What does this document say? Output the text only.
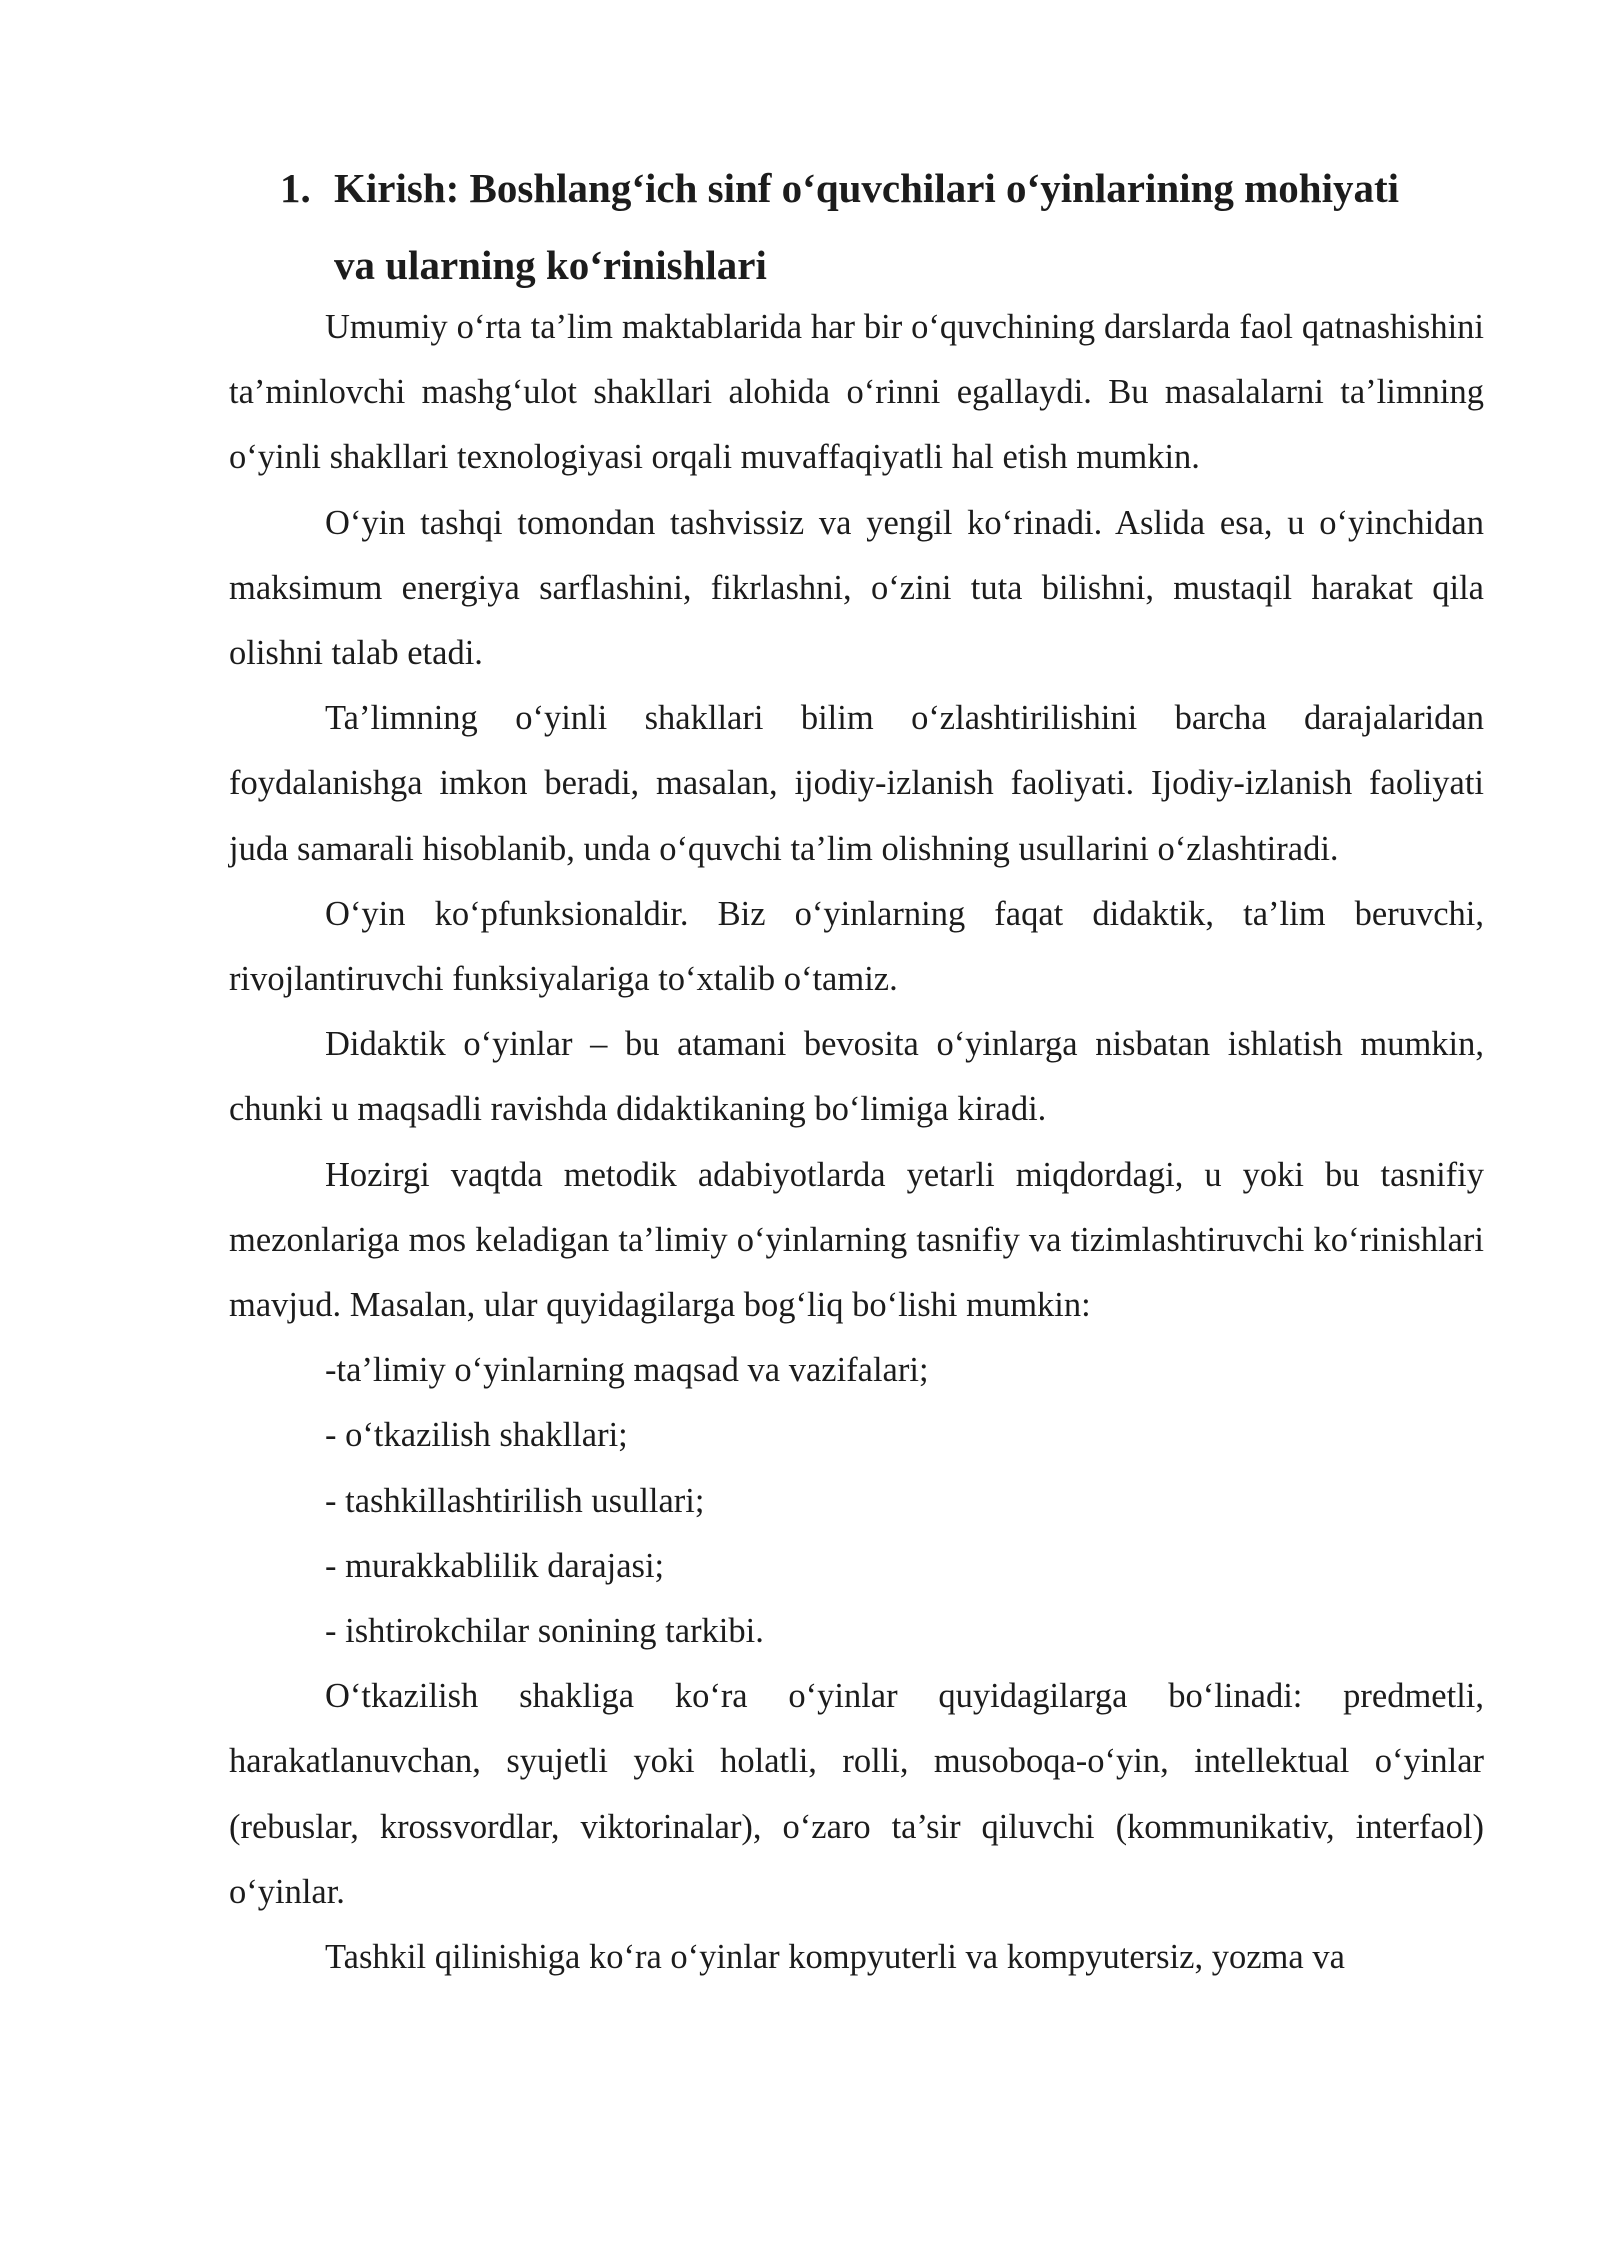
1. Kirish: Boshlang‘ich sinf o‘quvchilari o‘yinlarining mohiyati
va ularning ko‘rinishlari

Umumiy o‘rta ta’lim maktablarida har bir o‘quvchining darslarda faol qatnashishini ta’minlovchi mashg‘ulot shakllari alohida o‘rinni egallaydi. Bu masalalarni ta’limning o‘yinli shakllari texnologiyasi orqali muvaffaqiyatli hal etish mumkin.

O‘yin tashqi tomondan tashvissiz va yengil ko‘rinadi. Aslida esa, u o‘yinchidan maksimum energiya sarflashini, fikrlashni, o‘zini tuta bilishni, mustaqil harakat qila olishni talab etadi.

Ta’limning o‘yinli shakllari bilim o‘zlashtirilishini barcha darajalaridan foydalanishga imkon beradi, masalan, ijodiy-izlanish faoliyati. Ijodiy-izlanish faoliyati juda samarali hisoblanib, unda o‘quvchi ta’lim olishning usullarini o‘zlashtiradi.

O‘yin ko‘pfunksionaldir. Biz o‘yinlarning faqat didaktik, ta’lim beruvchi, rivojlantiruvchi funksiyalariga to‘xtalib o‘tamiz.

Didaktik o‘yinlar – bu atamani bevosita o‘yinlarga nisbatan ishlatish mumkin, chunki u maqsadli ravishda didaktikaning bo‘limiga kiradi.

Hozirgi vaqtda metodik adabiyotlarda yetarli miqdordagi, u yoki bu tasnifiy mezonlariga mos keladigan ta’limiy o‘yinlarning tasnifiy va tizimlashtiruvchi ko‘rinishlari mavjud. Masalan, ular quyidagilarga bog‘liq bo‘lishi mumkin:

-ta’limiy o‘yinlarning maqsad va vazifalari;

- o‘tkazilish shakllari;

- tashkillashtirilish usullari;

- murakkablilik darajasi;

- ishtirokchilar sonining tarkibi.

O‘tkazilish shakliga ko‘ra o‘yinlar quyidagilarga bo‘linadi: predmetli, harakatlanuvchan, syujetli yoki holatli, rolli, musoboqa-o‘yin, intellektual o‘yinlar (rebuslar, krossvordlar, viktorinalar), o‘zaro ta’sir qiluvchi (kommunikativ, interfaol) o‘yinlar.

Tashkil qilinishiga ko‘ra o‘yinlar kompyuterli va kompyutersiz, yozma va
